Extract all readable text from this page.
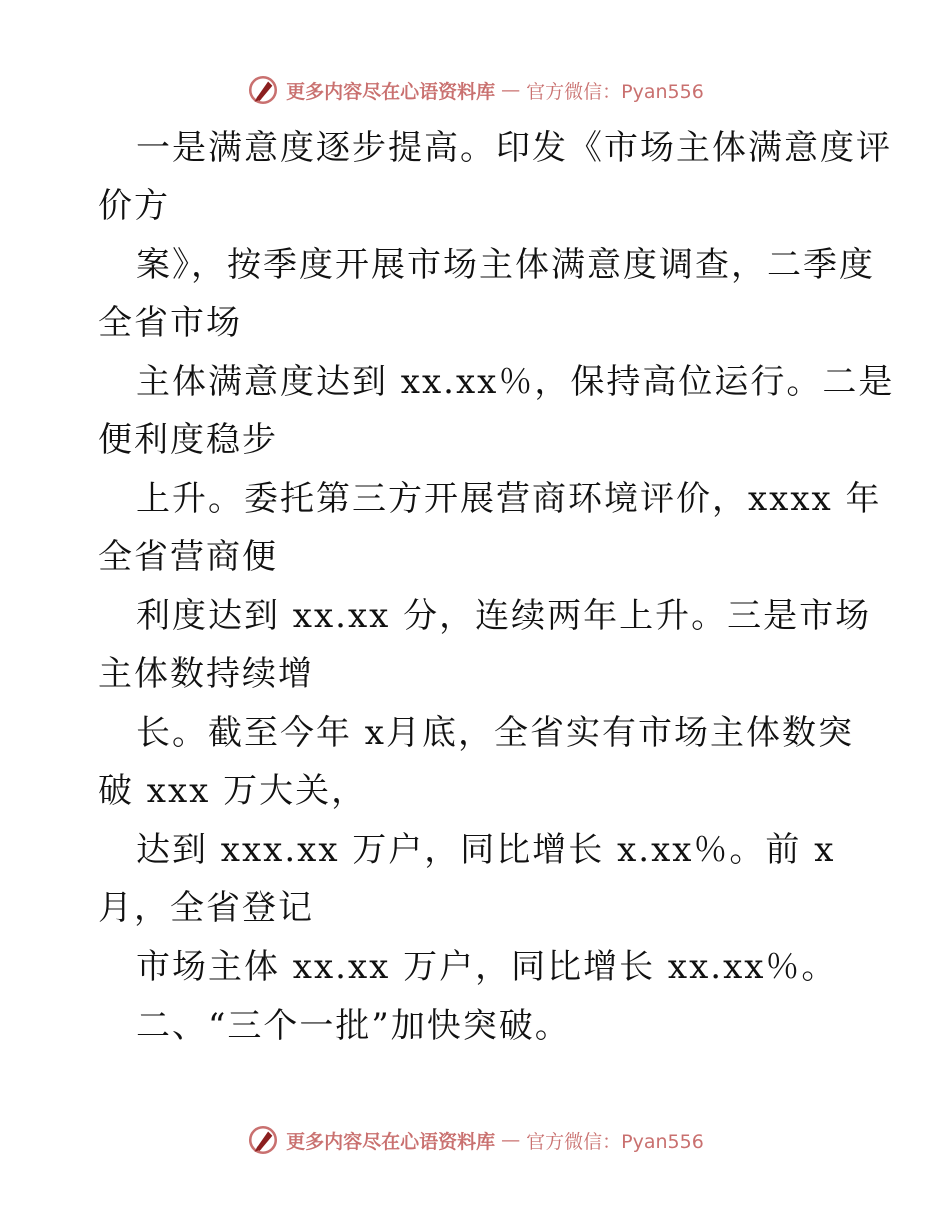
更多内容尽在心语资料库 — 官方微信：Pyan556
一是满意度逐步提高。印发《市场主体满意度评
价方
案》，按季度开展市场主体满意度调查，二季度
全省市场
主体满意度达到 xx.xx％，保持高位运行。二是
便利度稳步
上升。委托第三方开展营商环境评价，xxxx 年
全省营商便
利度达到 xx.xx 分，连续两年上升。三是市场
主体数持续增
长。截至今年 x月底，全省实有市场主体数突
破 xxx 万大关，
达到 xxx.xx 万户，同比增长 x.xx％。前 x
月，全省登记
市场主体 xx.xx 万户，同比增长 xx.xx％。
二、“三个一批”加快突破。
更多内容尽在心语资料库 — 官方微信：Pyan556
